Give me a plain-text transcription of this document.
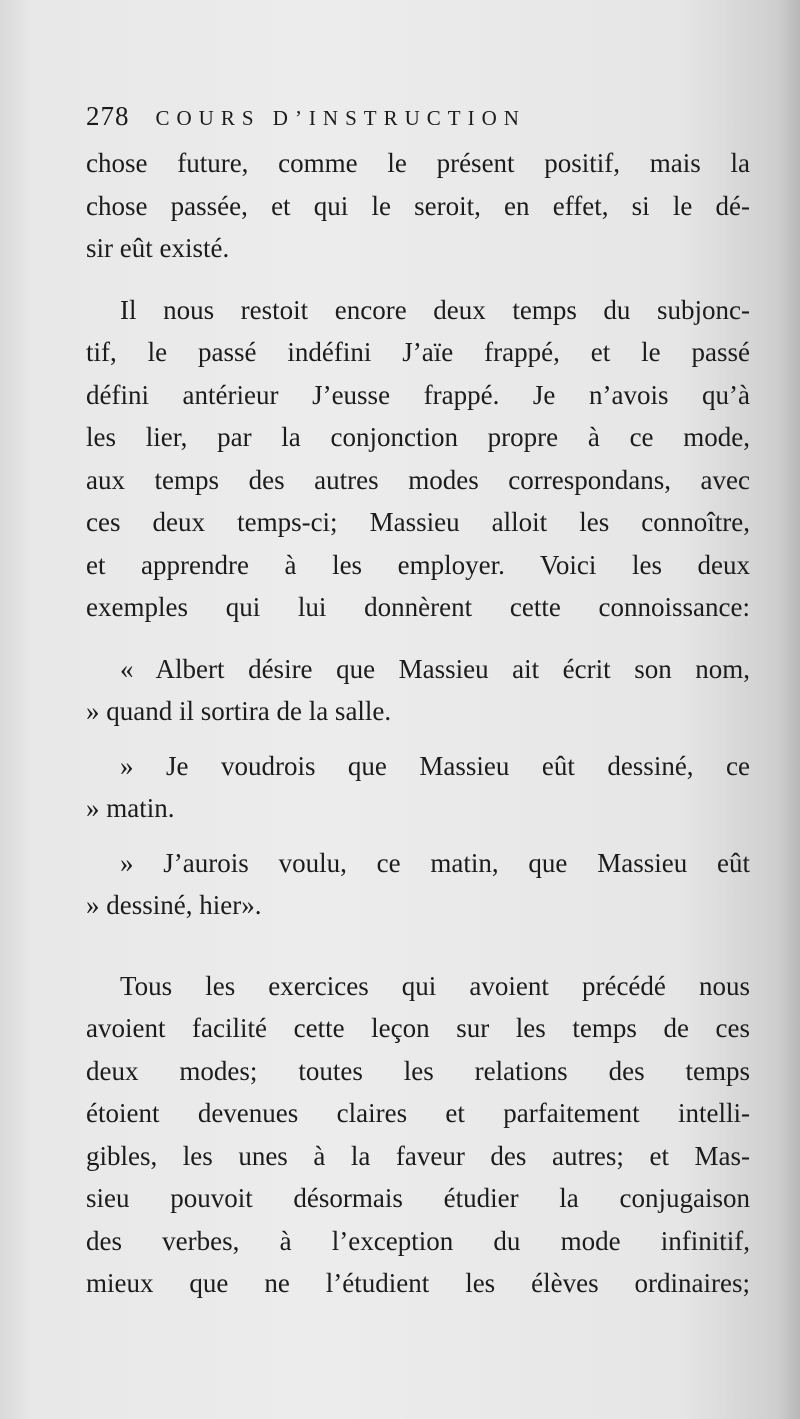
278 COURS D’INSTRUCTION
chose future, comme le présent positif, mais la
chose passée, et qui le seroit, en effet, si le dé-
sir eût existé.
Il nous restoit encore deux temps du subjonc-
tif, le passé indéfini J’aïe frappé, et le passé
défini antérieur J’eusse frappé. Je n’avois qu’à
les lier, par la conjonction propre à ce mode,
aux temps des autres modes correspondans, avec
ces deux temps-ci; Massieu alloit les connoître,
et apprendre à les employer. Voici les deux
exemples qui lui donnèrent cette connoissance:
« Albert désire que Massieu ait écrit son nom,
» quand il sortira de la salle.
» Je voudrois que Massieu eût dessiné, ce
» matin.
» J’aurois voulu, ce matin, que Massieu eût
» dessiné, hier».
Tous les exercices qui avoient précédé nous
avoient facilité cette leçon sur les temps de ces
deux modes; toutes les relations des temps
étoient devenues claires et parfaitement intelli-
gibles, les unes à la faveur des autres; et Mas-
sieu pouvoit désormais étudier la conjugaison
des verbes, à l’exception du mode infinitif,
mieux que ne l’étudient les élèves ordinaires;
